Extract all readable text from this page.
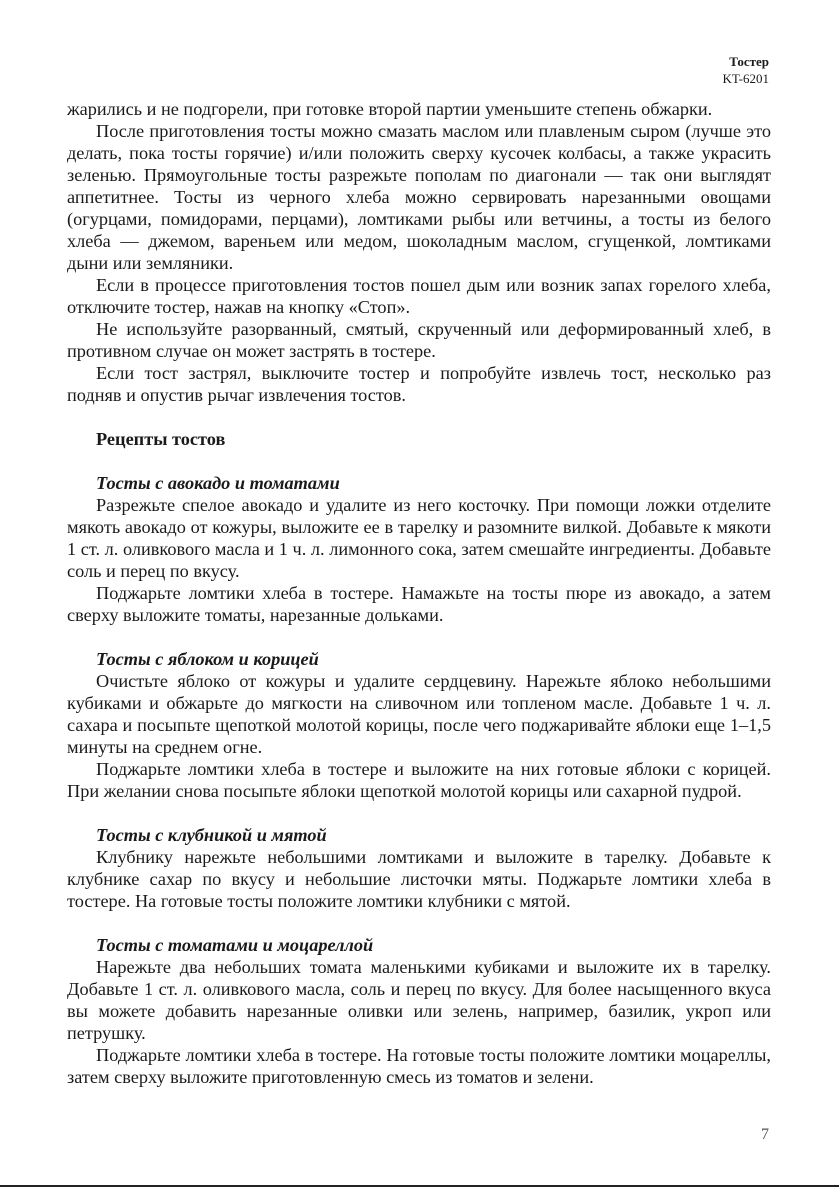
Тостер
KT-6201

жарились и не подгорели, при готовке второй партии уменьшите степень обжарки.

После приготовления тосты можно смазать маслом или плавленым сыром (лучше это делать, пока тосты горячие) и/или положить сверху кусочек колбасы, а также украсить зеленью. Прямоугольные тосты разрежьте пополам по диагонали — так они выглядят аппетитнее. Тосты из черного хлеба можно сервировать нарезанными овощами (огурцами, помидорами, перцами), ломтиками рыбы или ветчины, а тосты из белого хлеба — джемом, вареньем или медом, шоколадным маслом, сгущенкой, ломтиками дыни или земляники.

Если в процессе приготовления тостов пошел дым или возник запах горелого хлеба, отключите тостер, нажав на кнопку «Стоп».

Не используйте разорванный, смятый, скрученный или деформированный хлеб, в противном случае он может застрять в тостере.

Если тост застрял, выключите тостер и попробуйте извлечь тост, несколько раз подняв и опустив рычаг извлечения тостов.

Рецепты тостов
Тосты с авокадо и томатами

Разрежьте спелое авокадо и удалите из него косточку. При помощи ложки отделите мякоть авокадо от кожуры, выложите ее в тарелку и разомните вилкой. Добавьте к мякоти 1 ст. л. оливкового масла и 1 ч. л. лимонного сока, затем смешайте ингредиенты. Добавьте соль и перец по вкусу.

Поджарьте ломтики хлеба в тостере. Намажьте на тосты пюре из авокадо, а затем сверху выложите томаты, нарезанные дольками.

Тосты с яблоком и корицей

Очистьте яблоко от кожуры и удалите сердцевину. Нарежьте яблоко небольшими кубиками и обжарьте до мягкости на сливочном или топленом масле. Добавьте 1 ч. л. сахара и посыпьте щепоткой молотой корицы, после чего поджаривайте яблоки еще 1–1,5 минуты на среднем огне.

Поджарьте ломтики хлеба в тостере и выложите на них готовые яблоки с корицей. При желании снова посыпьте яблоки щепоткой молотой корицы или сахарной пудрой.

Тосты с клубникой и мятой

Клубнику нарежьте небольшими ломтиками и выложите в тарелку. Добавьте к клубнике сахар по вкусу и небольшие листочки мяты. Поджарьте ломтики хлеба в тостере. На готовые тосты положите ломтики клубники с мятой.

Тосты с томатами и моцареллой

Нарежьте два небольших томата маленькими кубиками и выложите их в тарелку. Добавьте 1 ст. л. оливкового масла, соль и перец по вкусу. Для более насыщенного вкуса вы можете добавить нарезанные оливки или зелень, например, базилик, укроп или петрушку.

Поджарьте ломтики хлеба в тостере. На готовые тосты положите ломтики моцареллы, затем сверху выложите приготовленную смесь из томатов и зелени.

7
